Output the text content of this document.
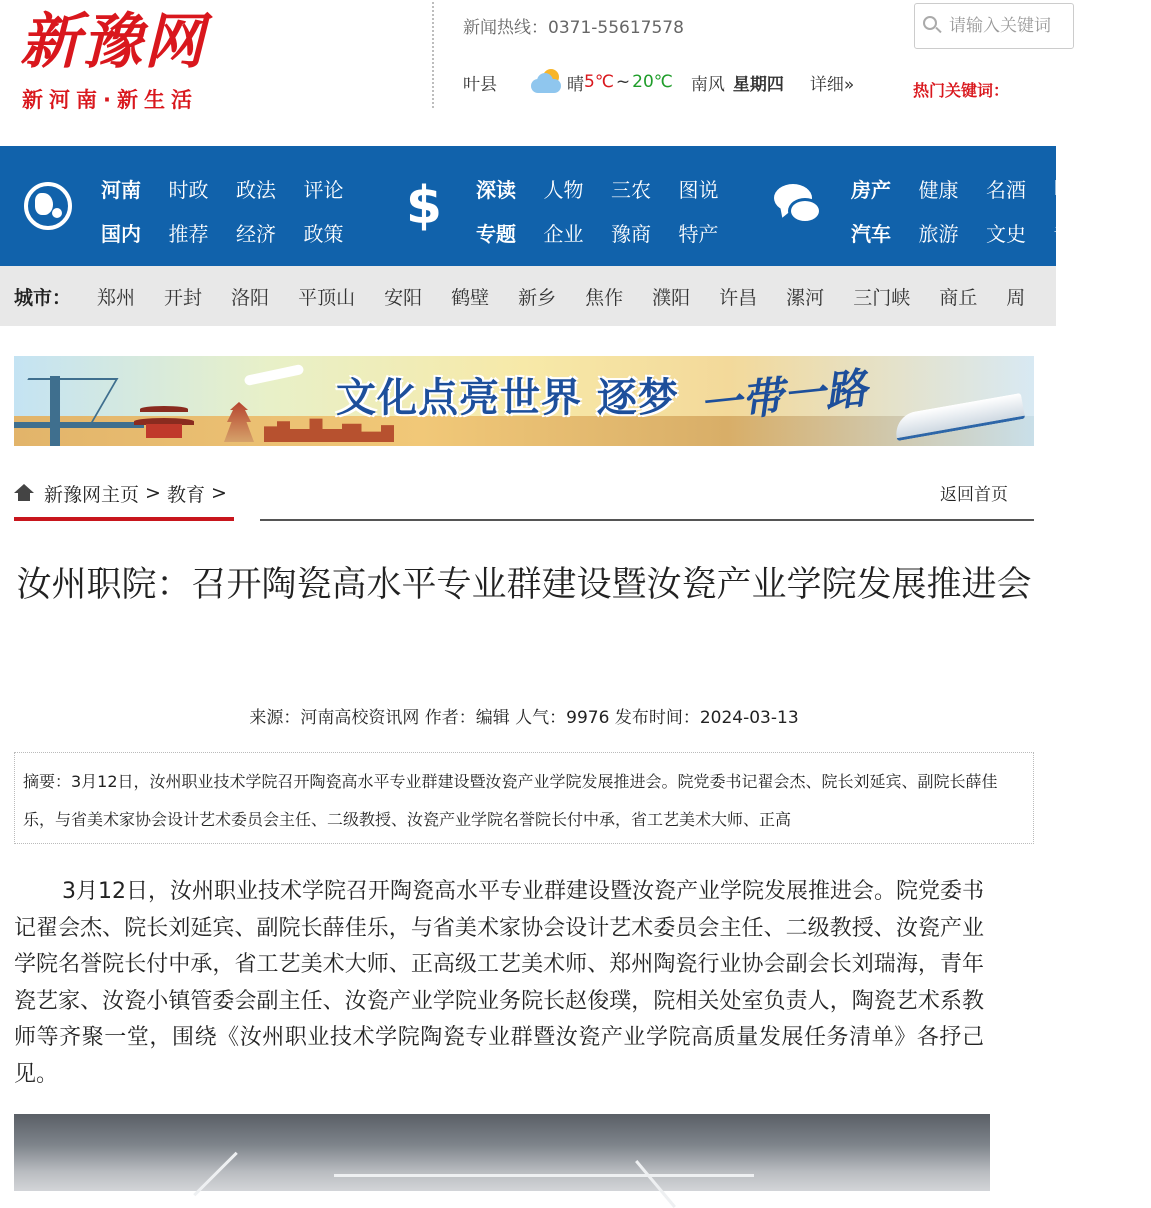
新豫网
新河南·新生活
新闻热线：0371-55617578
叶县	晴 5℃ ~ 20℃ 南风 星期四 详细»
请输入关键词	热门关键词：
河南	时政	政法	评论
国内	推荐	经济	政策	$	深读	人物	三农	图说
专题	企业	豫商	特产
房产	健康	名酒	L
汽车	旅游	文史	专
城市： 郑州 开封 洛阳 平顶山 安阳 鹤壁 新乡 焦作 濮阳 许昌 漯河 三门峡 商丘 周
文化点亮世界 逐梦 一带一路
新豫网主页 > 教育 >	返回首页
汝州职院：召开陶瓷高水平专业群建设暨汝瓷产业学院发展推进会
来源：河南高校资讯网 作者：编辑 人气：9976 发布时间：2024-03-13
摘要：3月12日，汝州职业技术学院召开陶瓷高水平专业群建设暨汝瓷产业学院发展推进会。院党委书记翟会杰、院长刘延宾、副院长薛佳乐，与省美术家协会设计艺术委员会主任、二级教授、汝瓷产业学院名誉院长付中承，省工艺美术大师、正高

3月12日，汝州职业技术学院召开陶瓷高水平专业群建设暨汝瓷产业学院发展推进会。院党委书记翟会杰、院长刘延宾、副院长薛佳乐，与省美术家协会设计艺术委员会主任、二级教授、汝瓷产业学院名誉院长付中承，省工艺美术大师、正高级工艺美术师、郑州陶瓷行业协会副会长刘瑞海，青年瓷艺家、汝瓷小镇管委会副主任、汝瓷产业学院业务院长赵俊璞，院相关处室负责人，陶瓷艺术系教师等齐聚一堂，围绕《汝州职业技术学院陶瓷专业群暨汝瓷产业学院高质量发展任务清单》各抒己见。
